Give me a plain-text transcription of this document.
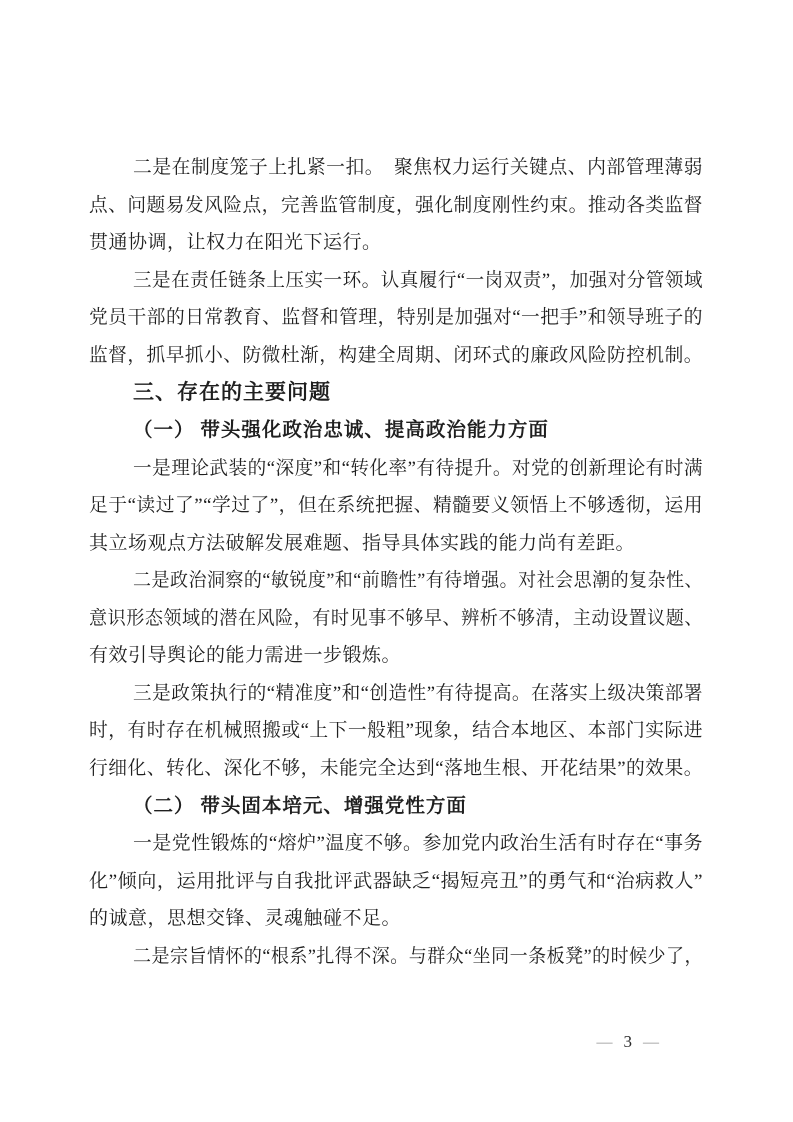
二是在制度笼子上扎紧一扣。　聚焦权力运行关键点、内部管理薄弱
点、问题易发风险点，完善监管制度，强化制度刚性约束。推动各类监督
贯通协调，让权力在阳光下运行。
三是在责任链条上压实一环。认真履行“一岗双责”，加强对分管领域
党员干部的日常教育、监督和管理，特别是加强对“一把手”和领导班子的
监督，抓早抓小、防微杜渐，构建全周期、闭环式的廉政风险防控机制。
三、存在的主要问题
（一） 带头强化政治忠诚、提高政治能力方面
一是理论武装的“深度”和“转化率”有待提升。对党的创新理论有时满
足于“读过了”“学过了”，但在系统把握、精髓要义领悟上不够透彻，运用
其立场观点方法破解发展难题、指导具体实践的能力尚有差距。
二是政治洞察的“敏锐度”和“前瞻性”有待增强。对社会思潮的复杂性、
意识形态领域的潜在风险，有时见事不够早、辨析不够清，主动设置议题、
有效引导舆论的能力需进一步锻炼。
三是政策执行的“精准度”和“创造性”有待提高。在落实上级决策部署
时，有时存在机械照搬或“上下一般粗”现象，结合本地区、本部门实际进
行细化、转化、深化不够，未能完全达到“落地生根、开花结果”的效果。
（二） 带头固本培元、增强党性方面
一是党性锻炼的“熔炉”温度不够。参加党内政治生活有时存在“事务
化”倾向，运用批评与自我批评武器缺乏“揭短亮丑”的勇气和“治病救人”
的诚意，思想交锋、灵魂触碰不足。
二是宗旨情怀的“根系”扎得不深。与群众“坐同一条板凳”的时候少了，
— 3 —
